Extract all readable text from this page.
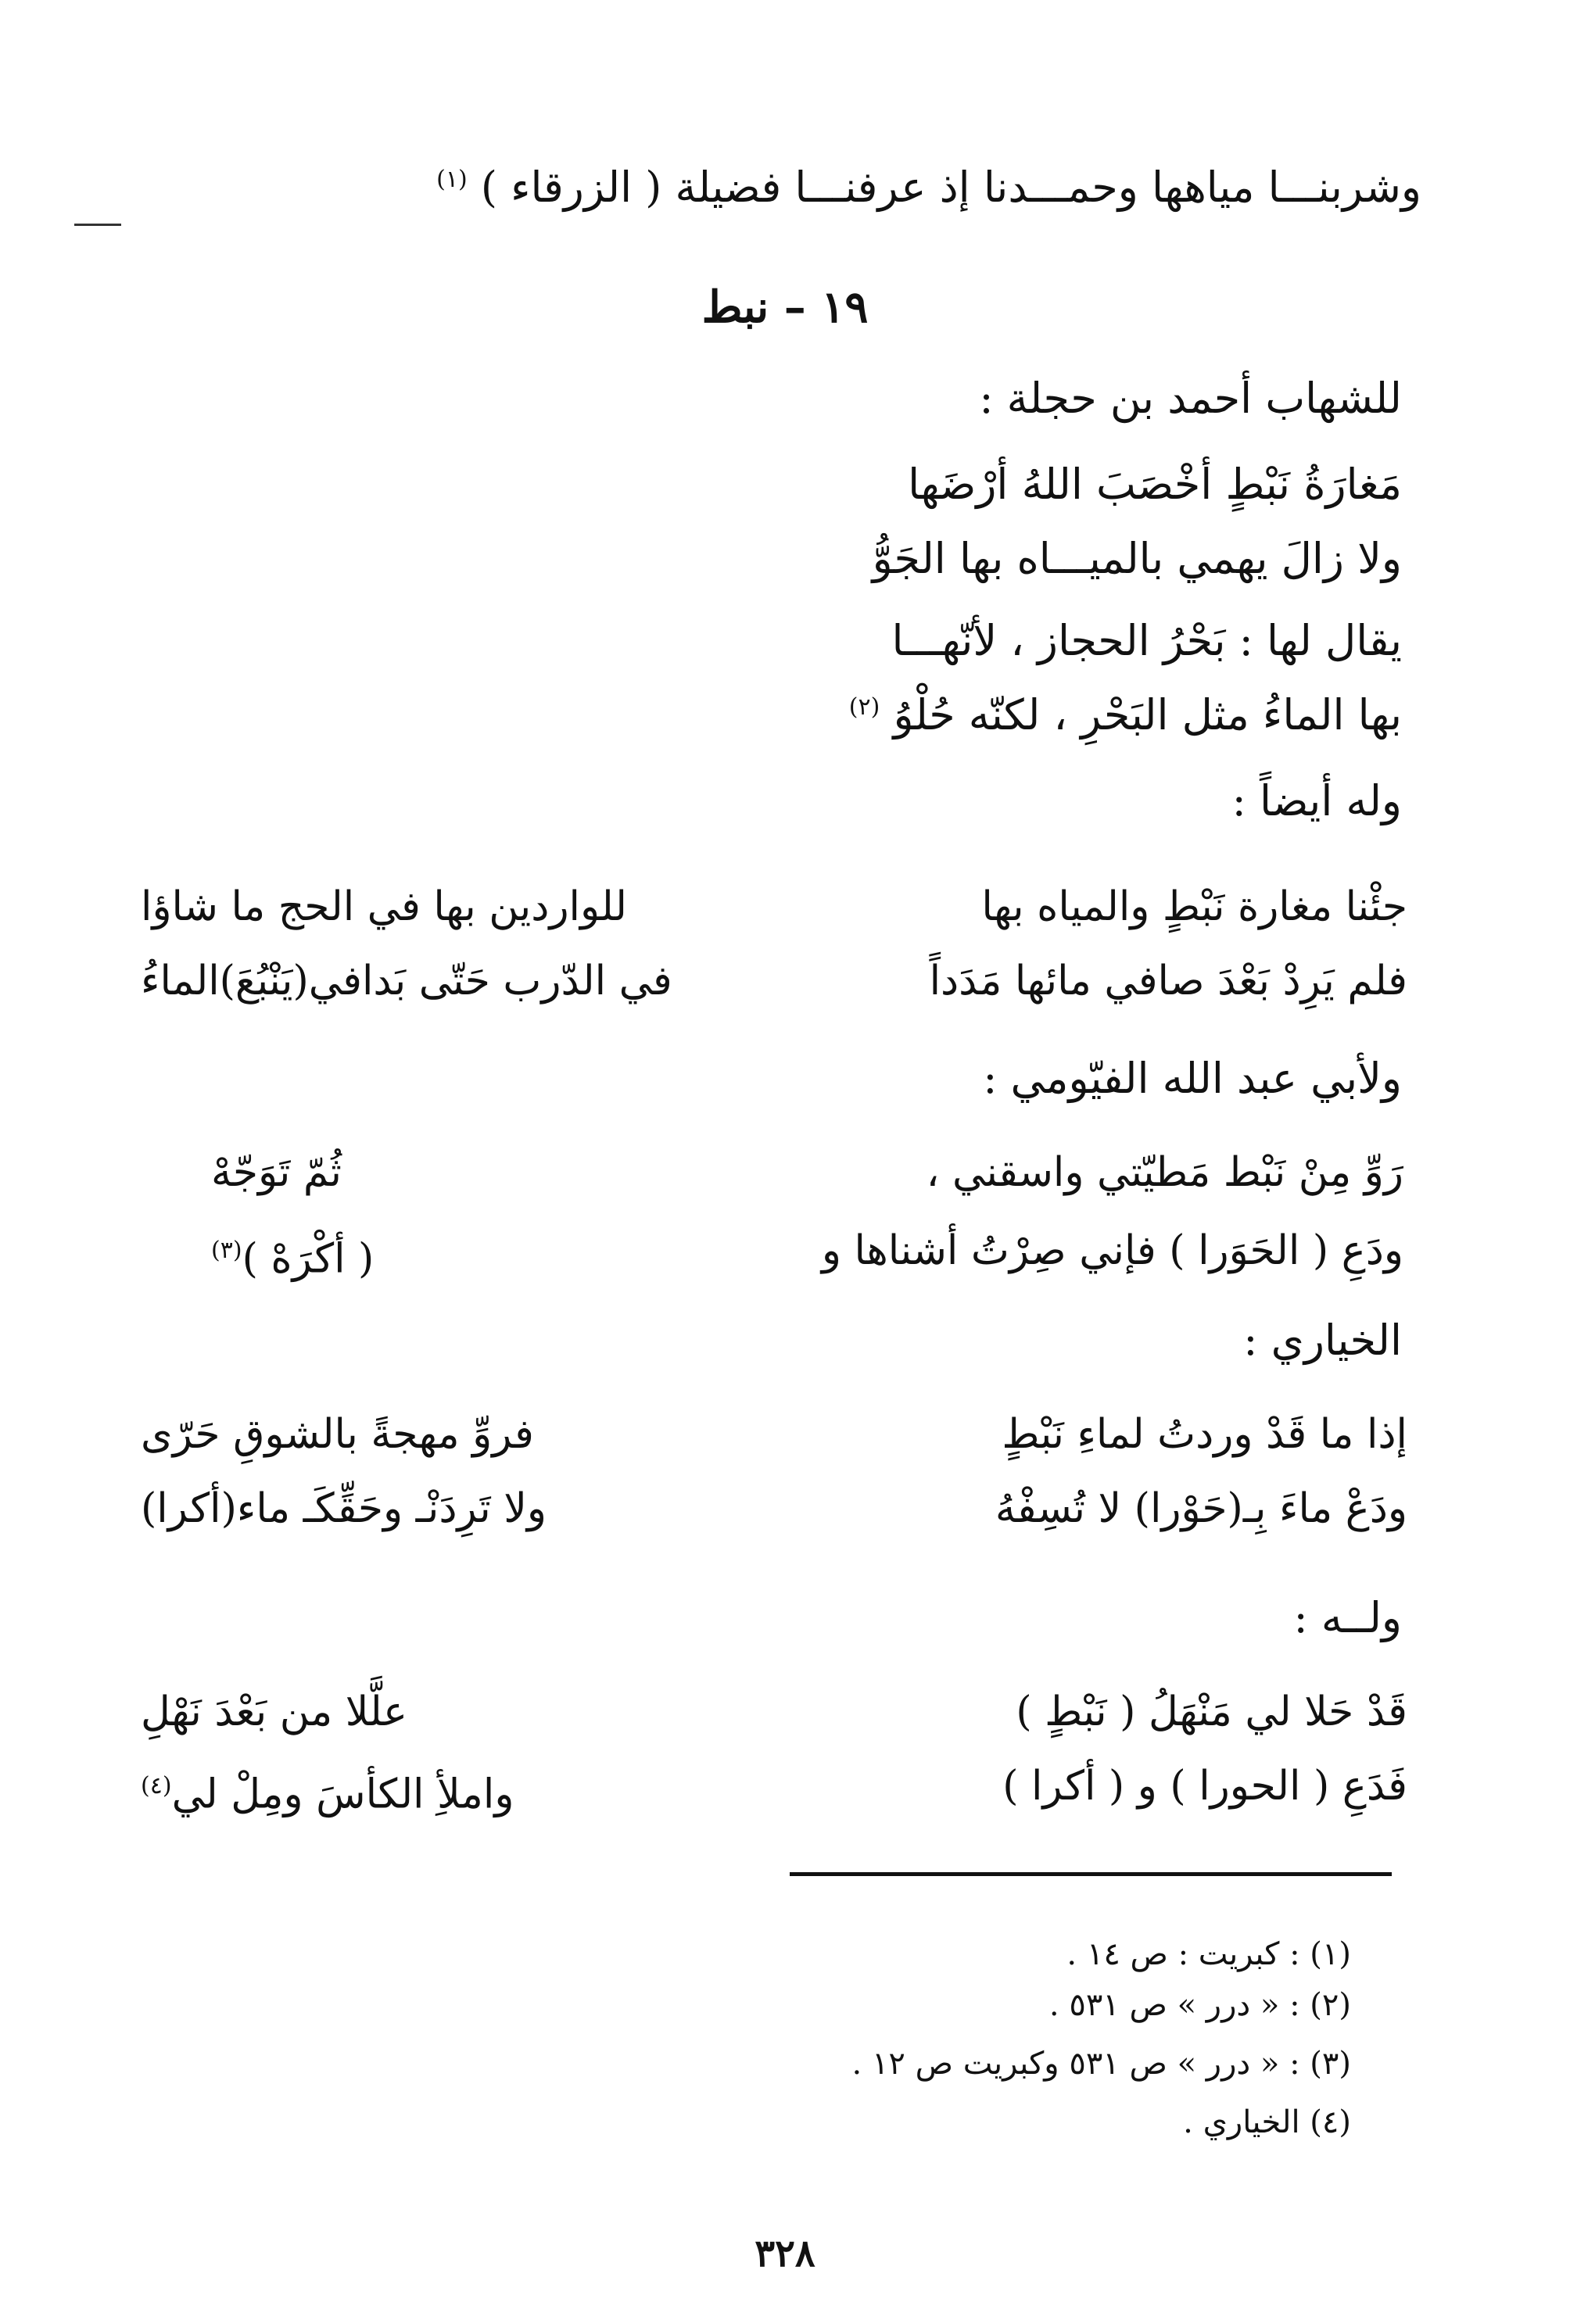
وشربنـــا مياهها وحمـــدنا إذ عرفنـــا فضيلة ( الزرقاء ) $^{(١)}$
١٩ – نبط
للشهاب أحمد بن حجلة :
مَغارَةُ نَبْطٍ أخْصَبَ اللهُ أرْضَها
ولا زالَ يهمي بالميـــاه بها الجَوُّ
يقال لها : بَحْرُ الحجاز ، لأنّهـــا
بها الماءُ مثل البَحْرِ ، لكنّه حُلْوُ $^{(٢)}$
وله أيضاً :
جئْنا مغارة نَبْطٍ والمياه بها
للواردين بها في الحج ما شاؤا
فلم يَرِدْ بَعْدَ صافي مائها مَدَداً
في الدّرب حَتّى بَدافي(يَنْبُعَ)الماءُ
ولأبي عبد الله الفيّومي :
رَوِّ مِنْ نَبْط مَطيّتي واسقني ،
ثُمّ تَوَجّهْ
ودَعِ ( الحَوَرا ) فإني صِرْتُ أشناها و
( أكْرَهْ )$^{(٣)}$
الخياري :
إذا ما قَدْ وردتُ لماءِ نَبْطٍ
فروِّ مهجةً بالشوقِ حَرّى
ودَعْ ماءَ بِـ(حَوْرا) لا تُسِفْهُ
ولا تَرِدَنْـ وحَقِّكَـ ماء(أكرا)
ولــه :
قَدْ حَلا لي مَنْهَلُ ( نَبْطٍ )
علَّلا من بَعْدَ نَهْلِ
فَدَعِ ( الحورا ) و ( أكرا )
واملأِ الكأسَ ومِلْ لي$^{(٤)}$
(١) : كبريت : ص ١٤ .
(٢) : « درر » ص ٥٣١ .
(٣) : « درر » ص ٥٣١ وكبريت ص ١٢ .
(٤) الخياري .
٣٢٨
